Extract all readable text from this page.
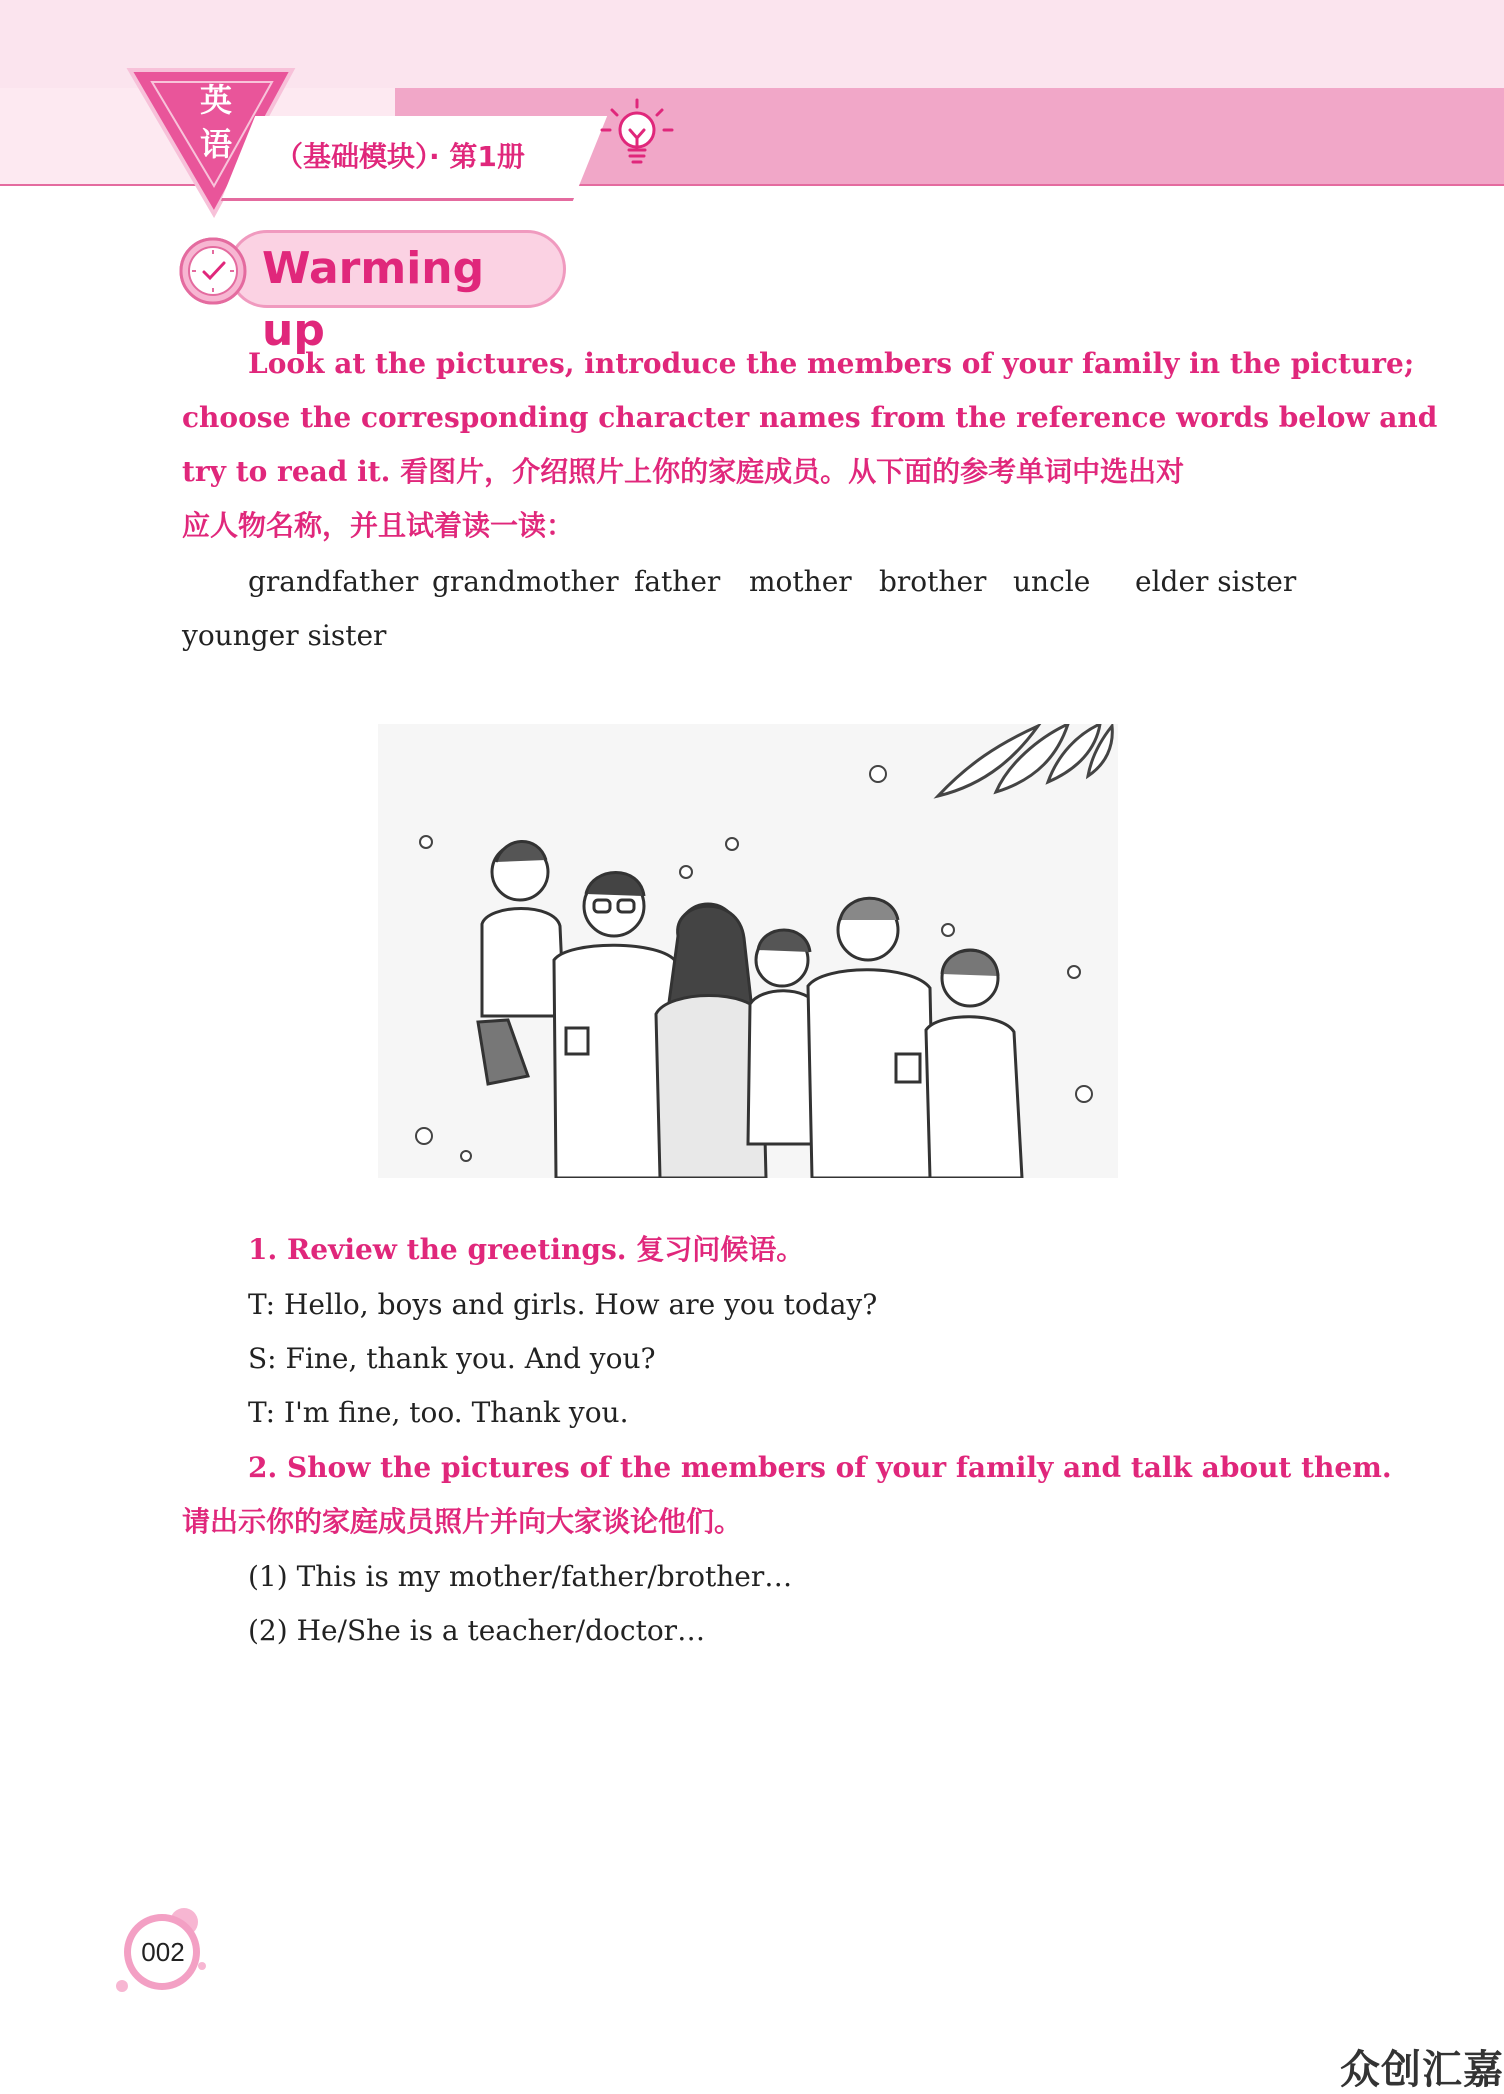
英
语	（基础模块）· 第1册
Warming up
Look at the pictures, introduce the members of your family in the picture;
choose the corresponding character names from the reference words below and
try to read it. 看图片，介绍照片上你的家庭成员。从下面的参考单词中选出对
应人物名称，并且试着读一读：
grandfather grandmother father mother brother uncle elder sister
younger sister
1. Review the greetings. 复习问候语。
T: Hello, boys and girls. How are you today?
S: Fine, thank you. And you?
T: I'm fine, too. Thank you.
2. Show the pictures of the members of your family and talk about them.
请出示你的家庭成员照片并向大家谈论他们。
(1) This is my mother/father/brother…
(2) He/She is a teacher/doctor…
002
众创汇嘉
